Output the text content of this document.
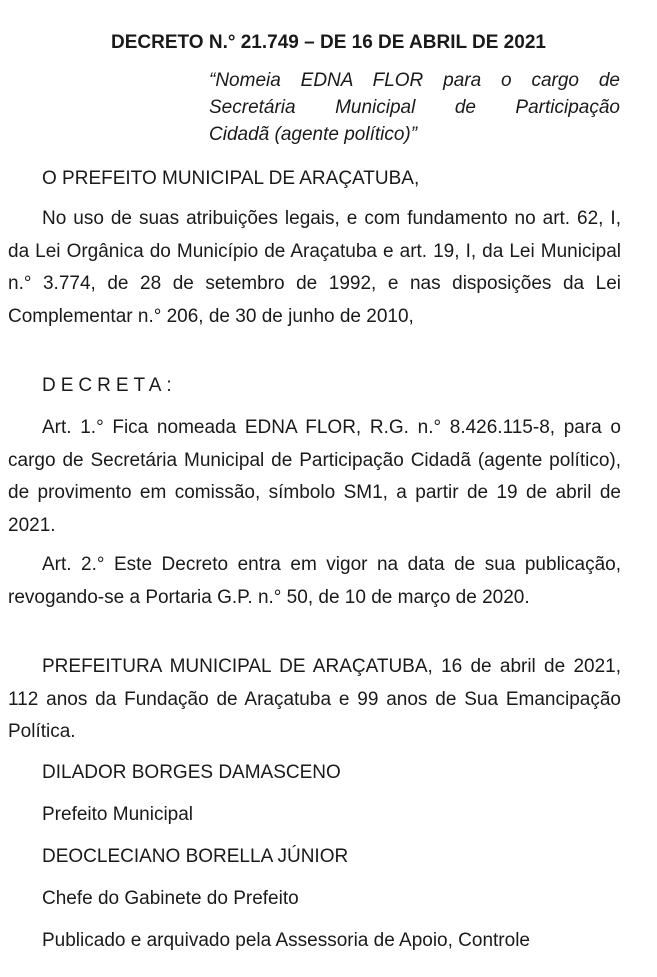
DECRETO N.° 21.749 – DE 16 DE ABRIL DE 2021
“Nomeia EDNA FLOR para o cargo de
Secretária Municipal de Participação
Cidadã (agente político)”
O PREFEITO MUNICIPAL DE ARAÇATUBA,

No uso de suas atribuições legais, e com fundamento no art. 62, I, da Lei Orgânica do Município de Araçatuba e art. 19, I, da Lei Municipal n.° 3.774, de 28 de setembro de 1992, e nas disposições da Lei Complementar n.° 206, de 30 de junho de 2010,

DECRETA:

Art. 1.° Fica nomeada EDNA FLOR, R.G. n.° 8.426.115-8, para o cargo de Secretária Municipal de Participação Cidadã (agente político), de provimento em comissão, símbolo SM1, a partir de 19 de abril de 2021.

Art. 2.° Este Decreto entra em vigor na data de sua publicação, revogando-se a Portaria G.P. n.° 50, de 10 de março de 2020.

PREFEITURA MUNICIPAL DE ARAÇATUBA, 16 de abril de 2021, 112 anos da Fundação de Araçatuba e 99 anos de Sua Emancipação Política.

DILADOR BORGES DAMASCENO
Prefeito Municipal
DEOCLECIANO BORELLA JÚNIOR
Chefe do Gabinete do Prefeito
Publicado e arquivado pela Assessoria de Apoio, Controle
